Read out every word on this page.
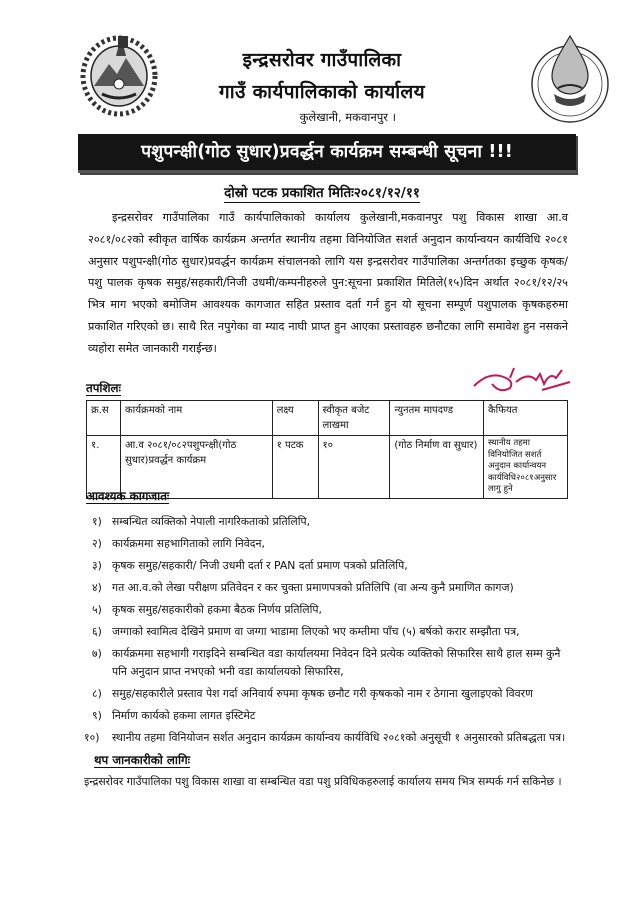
इन्द्रसरोवर गाउँपालिका
गाउँ कार्यपालिकाको कार्यालय
कुलेखानी, मकवानपुर ।
पशुपन्क्षी(गोठ सुधार)प्रवर्द्धन कार्यक्रम सम्बन्धी सूचना !!!
दोस्रो पटक प्रकाशित मितिः२०८१/१२/११
इन्द्रसरोवर गाउँपालिका गाउँ कार्यपालिकाको कार्यालय कुलेखानी,मकवानपुर पशु विकास शाखा आ.व २०८१/०८२को स्वीकृत वार्षिक कार्यक्रम अन्तर्गत स्थानीय तहमा विनियोजित सशर्त अनुदान कार्यान्वयन कार्यविधि २०८१ अनुसार पशुपन्क्षी(गोठ सुधार)प्रवर्द्धन कार्यक्रम संचालनको लागि यस इन्द्रसरोवर गाउँपालिका अन्तर्गतका इच्छुक कृषक/पशु पालक कृषक समुह/सहकारी/निजी उधमी/कम्पनीहरुले पुन:सूचना प्रकाशित मितिले(१५)दिन अर्थात २०८१/१२/२५ भित्र माग भएको बमोजिम आवश्यक कागजात सहित प्रस्ताव दर्ता गर्न हुन यो सूचना सम्पूर्ण पशुपालक कृषकहरुमा प्रकाशित गरिएको छ। साथै रित नपुगेका वा म्याद नाघी प्राप्त हुन आएका प्रस्तावहरु छनौटका लागि समावेश हुन नसकने व्यहोरा समेत जानकारी गराईन्छ।
तपशिलः
क्र.स	कार्यक्रमको नाम	लक्ष्य	स्वीकृत बजेट लाखमा	न्युनतम मापदण्ड	कैफियत
१.	आ.व २०८१/०८२पशुपन्क्षी(गोठ सुधार)प्रवर्द्धन कार्यक्रम	१ पटक	१०	(गोठ निर्माण वा सुधार)	स्थानीय तहमा विनियोजित सशर्त अनुदान कार्यान्वयन कार्यविधि२०८१अनुसार लागु हुने
आवश्यक कागजातः
१) सम्बन्धित व्यक्तिको नेपाली नागरिकताको प्रतिलिपि,
२) कार्यक्रममा सहभागिताको लागि निवेदन,
३) कृषक समुह/सहकारी/ निजी उधमी दर्ता र PAN दर्ता प्रमाण पत्रको प्रतिलिपि,
४) गत आ.व.को लेखा परीक्षण प्रतिवेदन र कर चुक्ता प्रमाणपत्रको प्रतिलिपि (वा अन्य कुनै प्रमाणित कागज)
५) कृषक समुह/सहकारीको हकमा बैठक निर्णय प्रतिलिपि,
६) जग्गाको स्वामित्व देखिने प्रमाण वा जग्गा भाडामा लिएको भए कम्तीमा पाँच (५) बर्षको करार सम्झौता पत्र,
७) कार्यक्रममा सहभागी गराइदिने सम्बन्धित वडा कार्यालयमा निवेदन दिने प्रत्येक व्यक्तिको सिफारिस साथै हाल सम्म कुनै पनि अनुदान प्राप्त नभएको भनी वडा कार्यालयको सिफारिस,
८) समुह/सहकारीले प्रस्ताव पेश गर्दा अनिवार्य रुपमा कृषक छनौट गरी कृषकको नाम र ठेगाना खुलाइएको विवरण
९) निर्माण कार्यको हकमा लागत इस्टिमेट
१०) स्थानीय तहमा विनियोजन सर्शत अनुदान कार्यक्रम कार्यान्वय कार्यविधि २०८१को अनुसूची १ अनुसारको प्रतिबद्धता पत्र।
थप जानकारीको लागिः
इन्द्रसरोवर गाउँपालिका पशु विकास शाखा वा सम्बन्धित वडा पशु प्रविधिकहरुलाई कार्यालय समय भित्र सम्पर्क गर्न सकिनेछ ।
